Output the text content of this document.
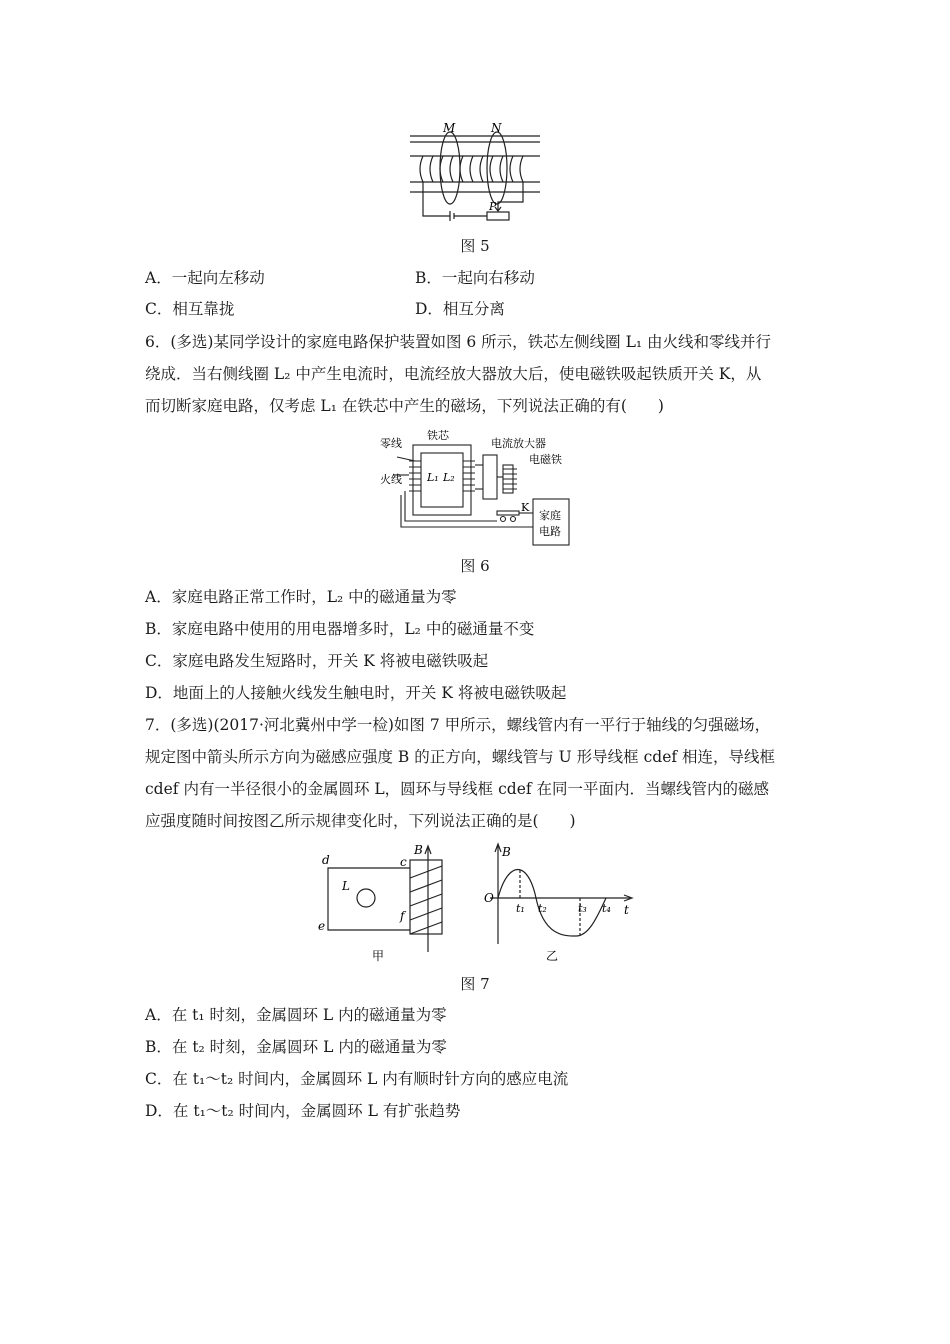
M	N
P
图 5
A．一起向左移动	B．一起向右移动
C．相互靠拢	D．相互分离
6．(多选)某同学设计的家庭电路保护装置如图 6 所示，铁芯左侧线圈 L₁ 由火线和零线并行
绕成．当右侧线圈 L₂ 中产生电流时，电流经放大器放大后，使电磁铁吸起铁质开关 K，从
而切断家庭电路，仅考虑 L₁ 在铁芯中产生的磁场，下列说法正确的有(　　)
零线
铁芯
电流放大器
电磁铁
火线 L₁ L₂
K
家庭
电路
图 6
A．家庭电路正常工作时，L₂ 中的磁通量为零
B．家庭电路中使用的用电器增多时，L₂ 中的磁通量不变
C．家庭电路发生短路时，开关 K 将被电磁铁吸起
D．地面上的人接触火线发生触电时，开关 K 将被电磁铁吸起
7．(多选)(2017·河北冀州中学一检)如图 7 甲所示，螺线管内有一平行于轴线的匀强磁场，
规定图中箭头所示方向为磁感应强度 B 的正方向，螺线管与 U 形导线框 cdef 相连，导线框
cdef 内有一半径很小的金属圆环 L，圆环与导线框 cdef 在同一平面内．当螺线管内的磁感
应强度随时间按图乙所示规律变化时，下列说法正确的是(　　)
d	c
e
f
L
B
甲
B
O
t₁ t₂	t₃ t₄ t
乙
图 7
A．在 t₁ 时刻，金属圆环 L 内的磁通量为零
B．在 t₂ 时刻，金属圆环 L 内的磁通量为零
C．在 t₁～t₂ 时间内，金属圆环 L 内有顺时针方向的感应电流
D．在 t₁～t₂ 时间内，金属圆环 L 有扩张趋势
